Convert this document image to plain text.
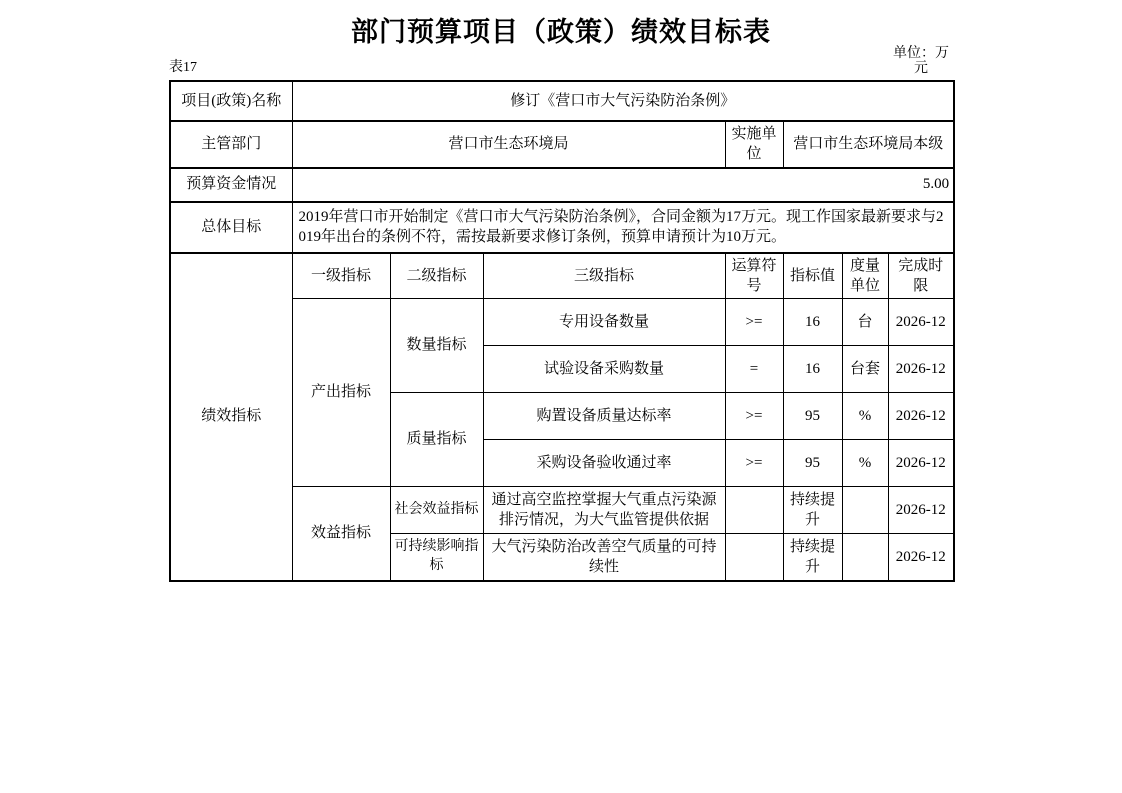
部门预算项目（政策）绩效目标表
表17
单位：万元
项目(政策)名称	修订《营口市大气污染防治条例》						
主管部门	营口市生态环境局			实施单位	营口市生态环境局本级		
预算资金情况	5.00						
总体目标	2019年营口市开始制定《营口市大气污染防治条例》，合同金额为17万元。现工作国家最新要求与2019年出台的条例不符，需按最新要求修订条例，预算申请预计为10万元。						
绩效指标	一级指标	二级指标	三级指标	运算符号	指标值	度量单位	完成时限
	产出指标	数量指标	专用设备数量	>=	16	台	2026-12
			试验设备采购数量	=	16	台套	2026-12
		质量指标	购置设备质量达标率	>=	95	%	2026-12
			采购设备验收通过率	>=	95	%	2026-12
	效益指标	社会效益指标	通过高空监控掌握大气重点污染源排污情况，为大气监管提供依据		持续提升		2026-12
		可持续影响指标	大气污染防治改善空气质量的可持续性		持续提升		2026-12
